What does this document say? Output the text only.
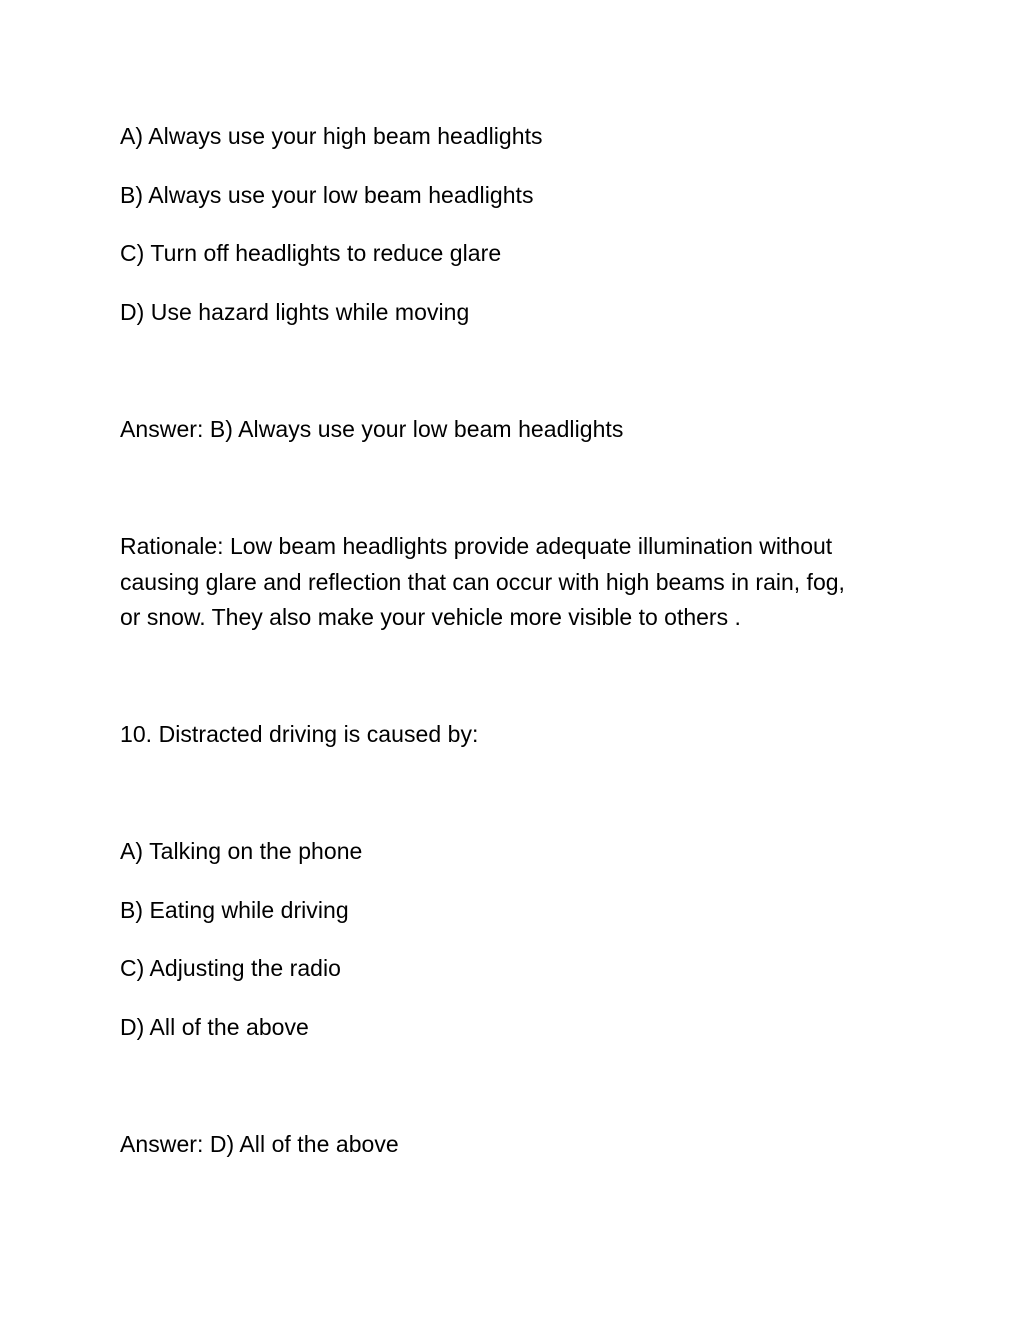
A) Always use your high beam headlights
B) Always use your low beam headlights
C) Turn off headlights to reduce glare
D) Use hazard lights while moving
Answer: B) Always use your low beam headlights
Rationale: Low beam headlights provide adequate illumination without
causing glare and reflection that can occur with high beams in rain, fog,
or snow. They also make your vehicle more visible to others .
10. Distracted driving is caused by:
A) Talking on the phone
B) Eating while driving
C) Adjusting the radio
D) All of the above
Answer: D) All of the above
